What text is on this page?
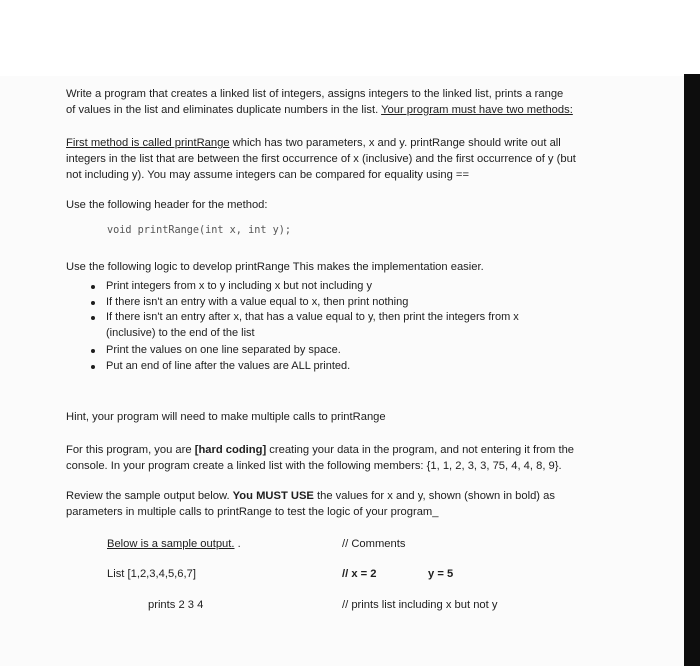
Write a program that creates a linked list of integers, assigns integers to the linked list, prints a range
of values in the list and eliminates duplicate numbers in the list. Your program must have two methods:

First method is called printRange which has two parameters, x and y. printRange should write out all
integers in the list that are between the first occurrence of x (inclusive) and the first occurrence of y (but
not including y). You may assume integers can be compared for equality using ==

Use the following header for the method:

void printRange(int x, int y);

Use the following logic to develop printRange This makes the implementation easier.

Print integers from x to y including x but not including y
If there isn't an entry with a value equal to x, then print nothing
If there isn't an entry after x, that has a value equal to y, then print the integers from x (inclusive) to the end of the list
Print the values on one line separated by space.
Put an end of line after the values are ALL printed.

Hint, your program will need to make multiple calls to printRange

For this program, you are [hard coding] creating your data in the program, and not entering it from the
console. In your program create a linked list with the following members: {1, 1, 2, 3, 3, 75, 4, 4, 8, 9}.

Review the sample output below. You MUST USE the values for x and y, shown (shown in bold) as
parameters in multiple calls to printRange to test the logic of your program_

Below is a sample output. .	// Comments

List [1,2,3,4,5,6,7]	// x = 2	y = 5

prints 2 3 4	// prints list including x but not y
